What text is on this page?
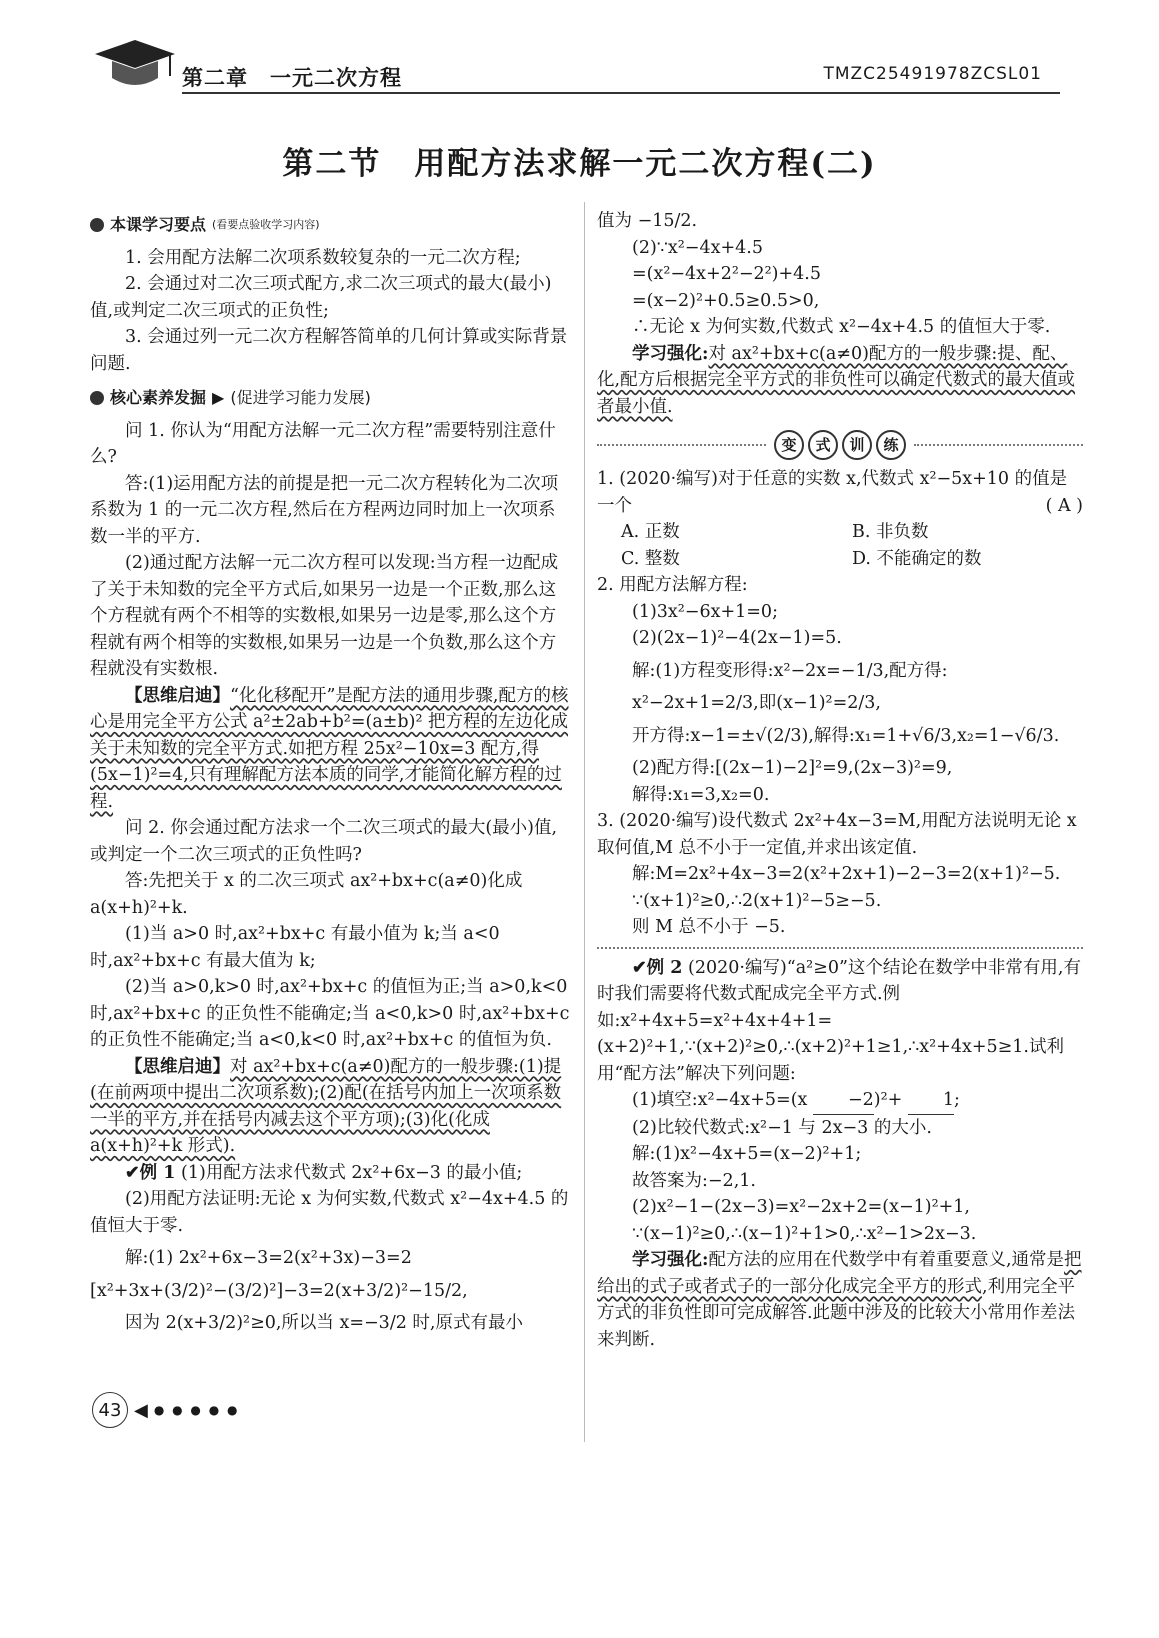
第二章　一元二次方程	TMZC25491978ZCSL01
第二节　用配方法求解一元二次方程(二)
本课学习要点 (看要点验收学习内容)

1. 会用配方法解二次项系数较复杂的一元二次方程;

2. 会通过对二次三项式配方,求二次三项式的最大(最小)值,或判定二次三项式的正负性;

3. 会通过列一元二次方程解答简单的几何计算或实际背景问题.

核心素养发掘 ▶ (促进学习能力发展)

问 1. 你认为“用配方法解一元二次方程”需要特别注意什么?

答:(1)运用配方法的前提是把一元二次方程转化为二次项系数为 1 的一元二次方程,然后在方程两边同时加上一次项系数一半的平方.

(2)通过配方法解一元二次方程可以发现:当方程一边配成了关于未知数的完全平方式后,如果另一边是一个正数,那么这个方程就有两个不相等的实数根,如果另一边是零,那么这个方程就有两个相等的实数根,如果另一边是一个负数,那么这个方程就没有实数根.

【思维启迪】“化化移配开”是配方法的通用步骤,配方的核心是用完全平方公式 a²±2ab+b²=(a±b)² 把方程的左边化成关于未知数的完全平方式.如把方程 25x²−10x=3 配方,得(5x−1)²=4,只有理解配方法本质的同学,才能简化解方程的过程.

问 2. 你会通过配方法求一个二次三项式的最大(最小)值,或判定一个二次三项式的正负性吗?

答:先把关于 x 的二次三项式 ax²+bx+c(a≠0)化成 a(x+h)²+k.

(1)当 a>0 时,ax²+bx+c 有最小值为 k;当 a<0 时,ax²+bx+c 有最大值为 k;

(2)当 a>0,k>0 时,ax²+bx+c 的值恒为正;当 a>0,k<0 时,ax²+bx+c 的正负性不能确定;当 a<0,k>0 时,ax²+bx+c 的正负性不能确定;当 a<0,k<0 时,ax²+bx+c 的值恒为负.

【思维启迪】对 ax²+bx+c(a≠0)配方的一般步骤:(1)提(在前两项中提出二次项系数);(2)配(在括号内加上一次项系数一半的平方,并在括号内减去这个平方项);(3)化(化成 a(x+h)²+k 形式).

✔例 1 (1)用配方法求代数式 2x²+6x−3 的最小值;

(2)用配方法证明:无论 x 为何实数,代数式 x²−4x+4.5 的值恒大于零.

解:(1) 2x²+6x−3=2(x²+3x)−3=2

[x²+3x+(3/2)²−(3/2)²]−3=2(x+3/2)²−15/2,

因为 2(x+3/2)²≥0,所以当 x=−3/2 时,原式有最小

值为 −15/2.

(2)∵x²−4x+4.5

=(x²−4x+2²−2²)+4.5

=(x−2)²+0.5≥0.5>0,

∴无论 x 为何实数,代数式 x²−4x+4.5 的值恒大于零.

学习强化:对 ax²+bx+c(a≠0)配方的一般步骤:提、配、化,配方后根据完全平方式的非负性可以确定代数式的最大值或者最小值.

变	式	训	练

1. (2020·编写)对于任意的实数 x,代数式 x²−5x+10 的值是一个	( A )

A. 正数	B. 非负数
C. 整数	D. 不能确定的数

2. 用配方法解方程:

(1)3x²−6x+1=0;

(2)(2x−1)²−4(2x−1)=5.

解:(1)方程变形得:x²−2x=−1/3,配方得:

x²−2x+1=2/3,即(x−1)²=2/3,

开方得:x−1=±√(2/3),解得:x₁=1+√6/3,x₂=1−√6/3.

(2)配方得:[(2x−1)−2]²=9,(2x−3)²=9,

解得:x₁=3,x₂=0.

3. (2020·编写)设代数式 2x²+4x−3=M,用配方法说明无论 x 取何值,M 总不小于一定值,并求出该定值.

解:M=2x²+4x−3=2(x²+2x+1)−2−3=2(x+1)²−5.

∵(x+1)²≥0,∴2(x+1)²−5≥−5.

则 M 总不小于 −5.

✔例 2 (2020·编写)“a²≥0”这个结论在数学中非常有用,有时我们需要将代数式配成完全平方式.例如:x²+4x+5=x²+4x+4+1=(x+2)²+1,∵(x+2)²≥0,∴(x+2)²+1≥1,∴x²+4x+5≥1.试利用“配方法”解决下列问题:

(1)填空:x²−4x+5=(x −2)²+ 1;

(2)比较代数式:x²−1 与 2x−3 的大小.

解:(1)x²−4x+5=(x−2)²+1;

故答案为:−2,1.

(2)x²−1−(2x−3)=x²−2x+2=(x−1)²+1,

∵(x−1)²≥0,∴(x−1)²+1>0,∴x²−1>2x−3.

学习强化:配方法的应用在代数学中有着重要意义,通常是把给出的式子或者式子的一部分化成完全平方的形式,利用完全平方式的非负性即可完成解答.此题中涉及的比较大小常用作差法来判断.

43 ◀ ● ● ● ● ●
